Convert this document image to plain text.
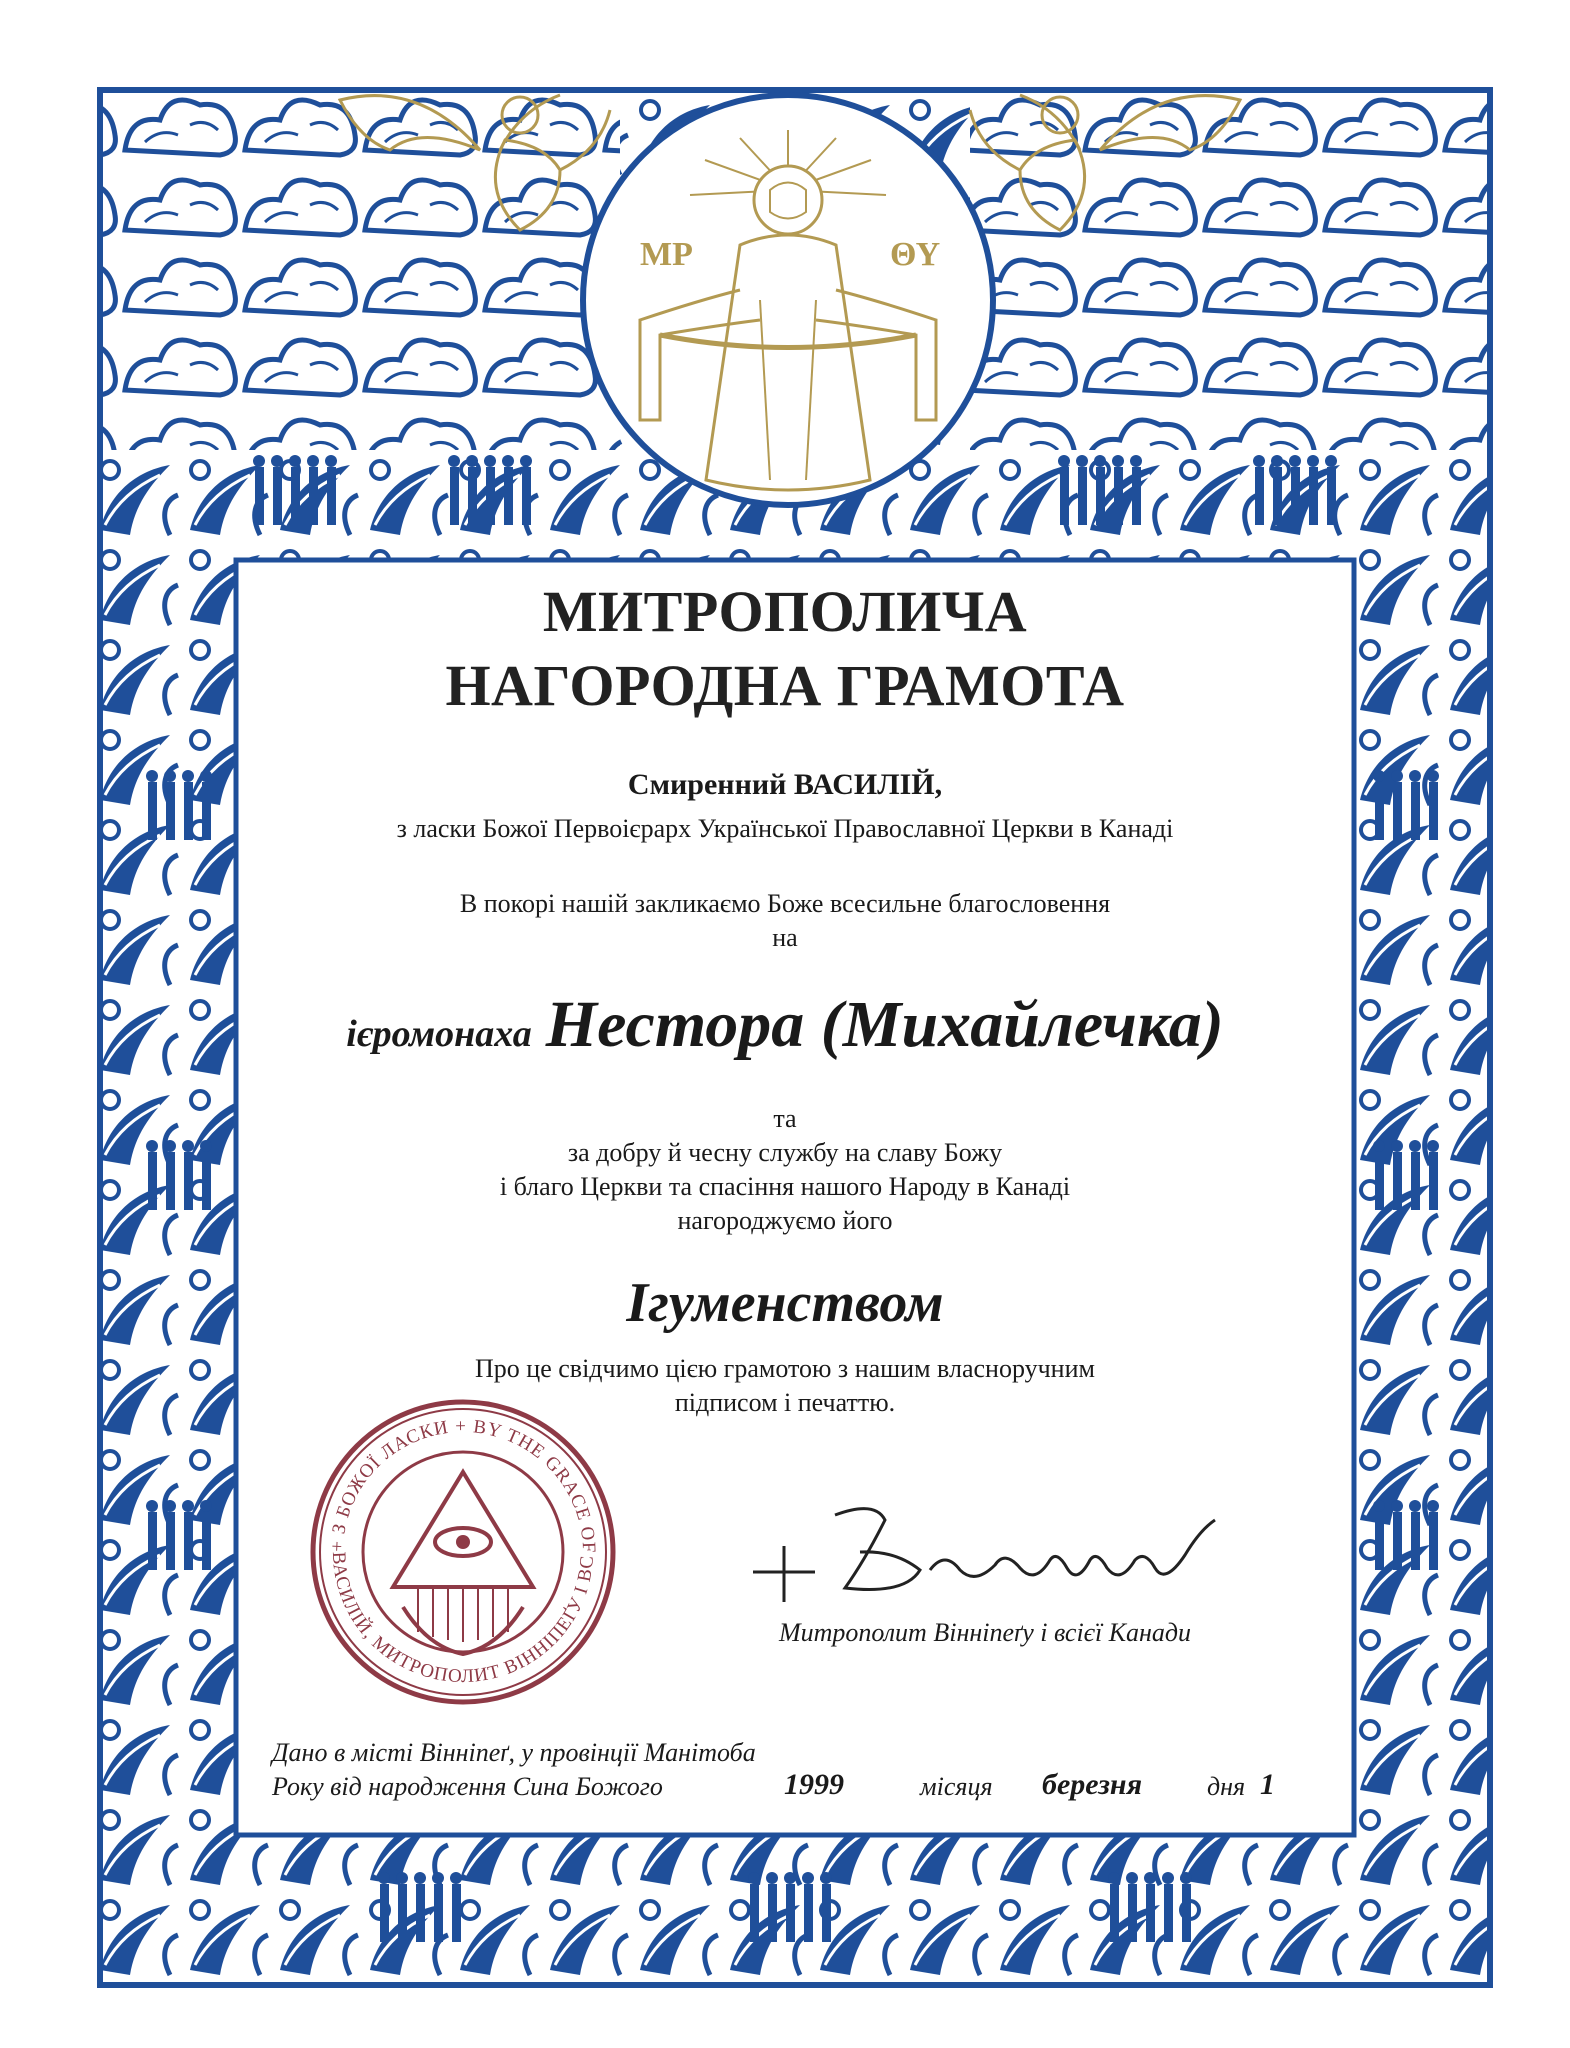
МР	ΘΥ
МИТРОПОЛИЧА
НАГОРОДНА ГРАМОТА
Смиренний ВАСИЛІЙ,
з ласки Божої Первоієрарх Української Православної Церкви в Канаді
В покорі нашій закликаємо Боже всесильне благословення
на
ієромонаха Нестора (Михайлечка)
та
за добру й чесну службу на славу Божу
і благо Церкви та спасіння нашого Народу в Канаді
нагороджуємо його
Ігуменством
Про це свідчимо цією грамотою з нашим власноручним
підписом і печаттю.
+ З БОЖОЇ ЛАСКИ + BY THE GRACE OF
ВАСИЛІЙ, МИТРОПОЛИТ ВІННІПЕҐУ І ВС
Митрополит Вінніпеґу і всієї Канади
Дано в місті Вінніпеґ, у провінції Манітоба
Року від народження Сина Божого	1999	місяця березня дня 1
